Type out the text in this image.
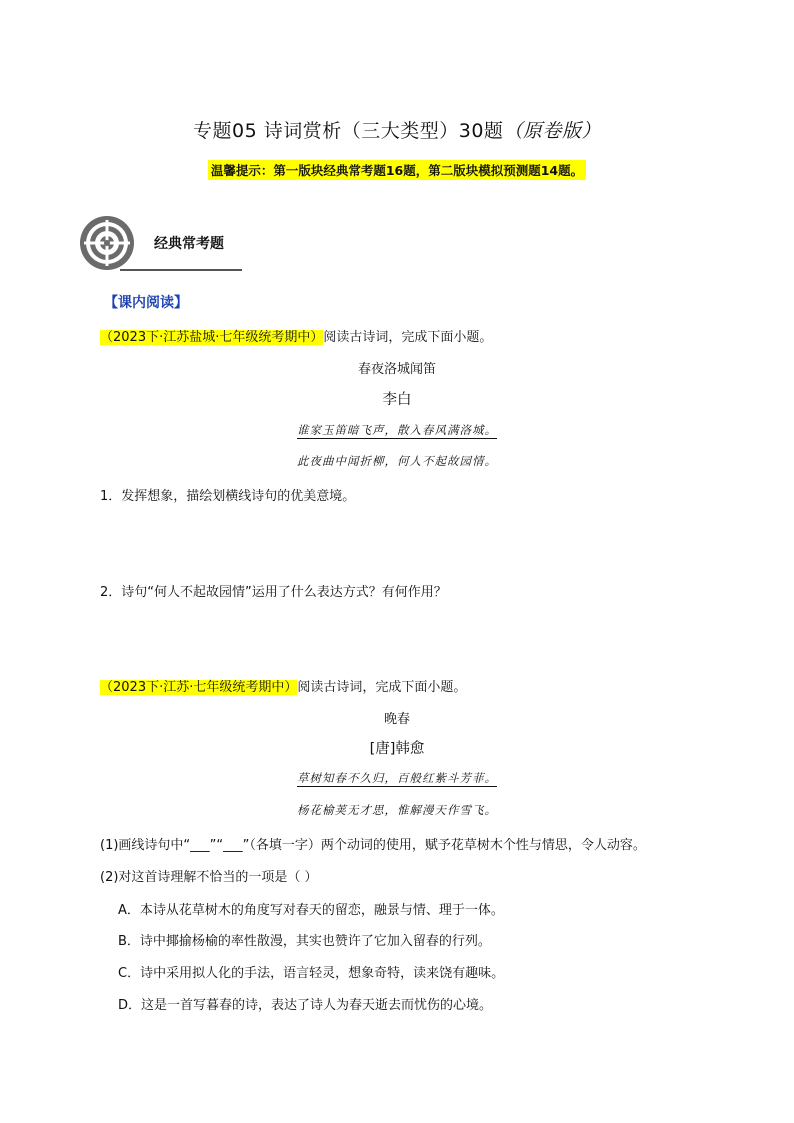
专题05 诗词赏析（三大类型）30题（原卷版）
温馨提示：第一版块经典常考题16题，第二版块模拟预测题14题。
经典常考题
【课内阅读】
（2023下·江苏盐城·七年级统考期中）阅读古诗词，完成下面小题。
春夜洛城闻笛
李白
谁家玉笛暗飞声，散入春风满洛城。
此夜曲中闻折柳，何人不起故园情。
1．发挥想象，描绘划横线诗句的优美意境。
2．诗句“何人不起故园情”运用了什么表达方式？有何作用？
（2023下·江苏·七年级统考期中）阅读古诗词，完成下面小题。
晚春
[唐]韩愈
草树知春不久归，百般红紫斗芳菲。
杨花榆荚无才思，惟解漫天作雪飞。
(1)画线诗句中“___”“___”（各填一字）两个动词的使用，赋予花草树木个性与情思，令人动容。
(2)对这首诗理解不恰当的一项是（ ）
A．本诗从花草树木的角度写对春天的留恋，融景与情、理于一体。
B．诗中揶揄杨榆的率性散漫，其实也赞许了它加入留春的行列。
C．诗中采用拟人化的手法，语言轻灵，想象奇特，读来饶有趣味。
D．这是一首写暮春的诗，表达了诗人为春天逝去而忧伤的心境。
